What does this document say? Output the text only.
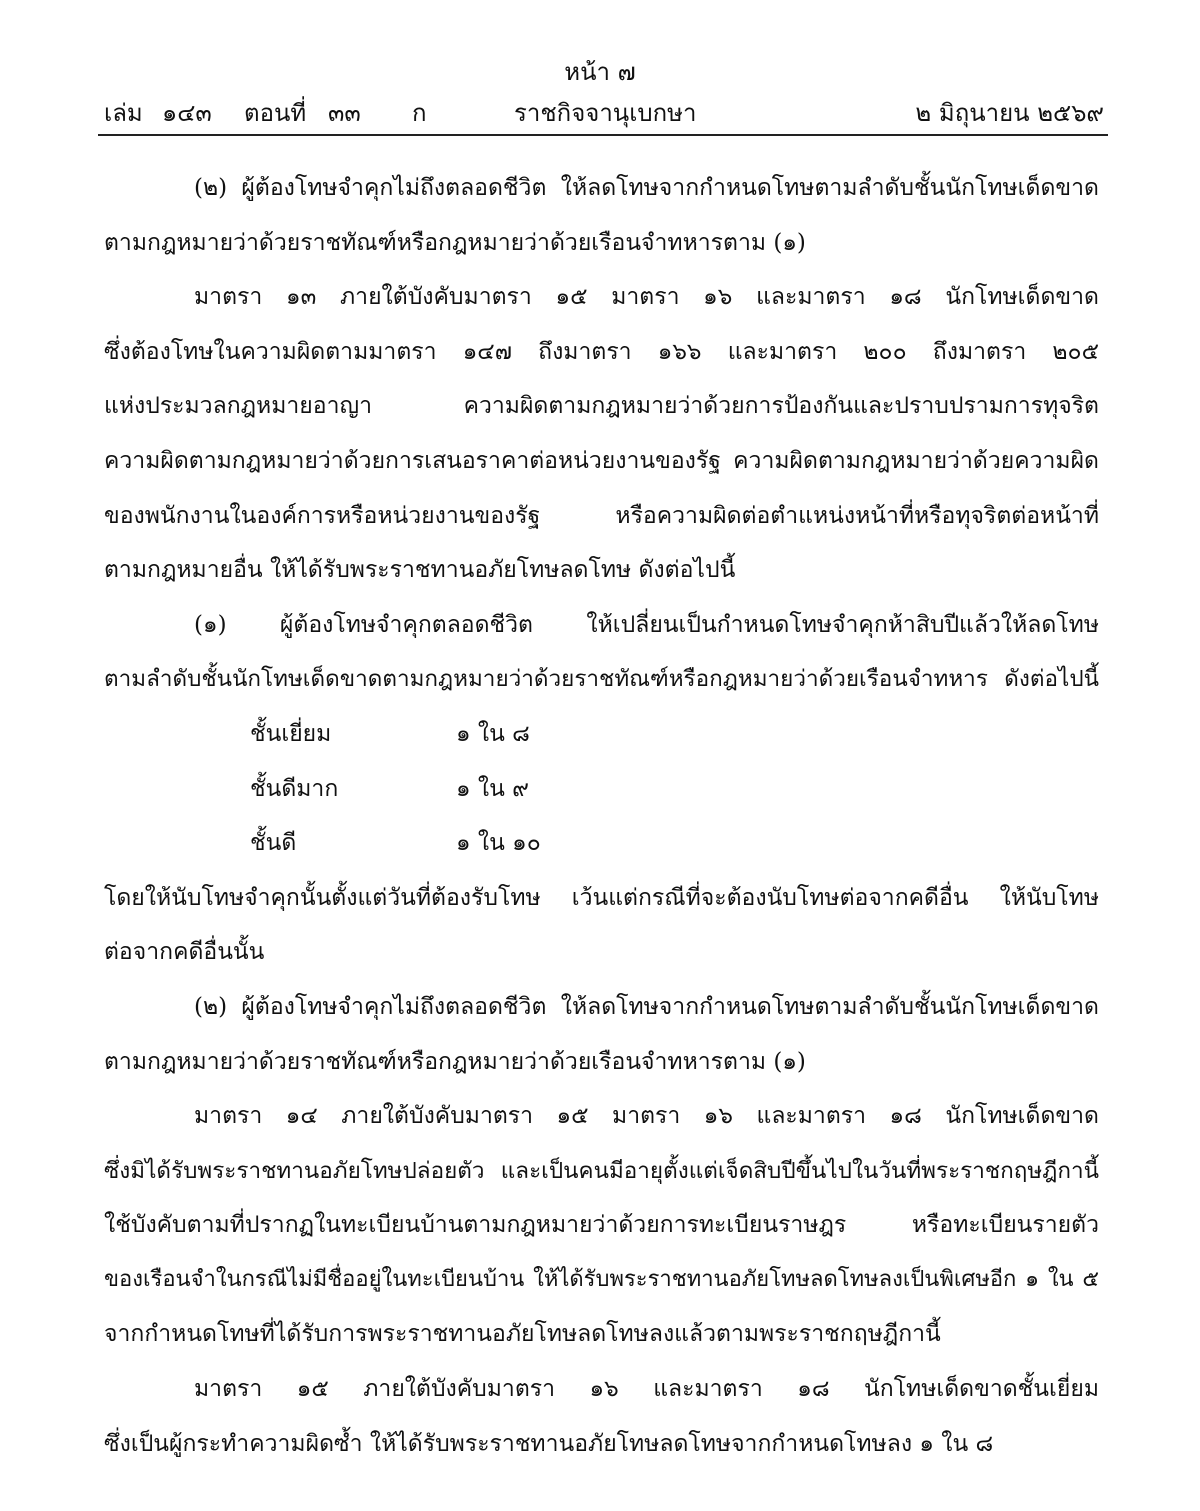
หน้า ๗
เล่ม ๑๔๓ ตอนที่ ๓๓ ก	ราชกิจจานุเบกษา	๒ มิถุนายน ๒๕๖๙
(๒) ผู้ต้องโทษจำคุกไม่ถึงตลอดชีวิต ให้ลดโทษจากกำหนดโทษตามลำดับชั้นนักโทษเด็ดขาด
ตามกฎหมายว่าด้วยราชทัณฑ์หรือกฎหมายว่าด้วยเรือนจำทหารตาม (๑)
มาตรา ๑๓ ภายใต้บังคับมาตรา ๑๕ มาตรา ๑๖ และมาตรา ๑๘ นักโทษเด็ดขาด
ซึ่งต้องโทษในความผิดตามมาตรา ๑๔๗ ถึงมาตรา ๑๖๖ และมาตรา ๒๐๐ ถึงมาตรา ๒๐๕
แห่งประมวลกฎหมายอาญา ความผิดตามกฎหมายว่าด้วยการป้องกันและปราบปรามการทุจริต
ความผิดตามกฎหมายว่าด้วยการเสนอราคาต่อหน่วยงานของรัฐ ความผิดตามกฎหมายว่าด้วยความผิด
ของพนักงานในองค์การหรือหน่วยงานของรัฐ หรือความผิดต่อตำแหน่งหน้าที่หรือทุจริตต่อหน้าที่
ตามกฎหมายอื่น ให้ได้รับพระราชทานอภัยโทษลดโทษ ดังต่อไปนี้
(๑) ผู้ต้องโทษจำคุกตลอดชีวิต ให้เปลี่ยนเป็นกำหนดโทษจำคุกห้าสิบปีแล้วให้ลดโทษ
ตามลำดับชั้นนักโทษเด็ดขาดตามกฎหมายว่าด้วยราชทัณฑ์หรือกฎหมายว่าด้วยเรือนจำทหาร ดังต่อไปนี้
ชั้นเยี่ยม	๑ ใน ๘
ชั้นดีมาก	๑ ใน ๙
ชั้นดี	๑ ใน ๑๐
โดยให้นับโทษจำคุกนั้นตั้งแต่วันที่ต้องรับโทษ เว้นแต่กรณีที่จะต้องนับโทษต่อจากคดีอื่น ให้นับโทษ
ต่อจากคดีอื่นนั้น
(๒) ผู้ต้องโทษจำคุกไม่ถึงตลอดชีวิต ให้ลดโทษจากกำหนดโทษตามลำดับชั้นนักโทษเด็ดขาด
ตามกฎหมายว่าด้วยราชทัณฑ์หรือกฎหมายว่าด้วยเรือนจำทหารตาม (๑)
มาตรา ๑๔ ภายใต้บังคับมาตรา ๑๕ มาตรา ๑๖ และมาตรา ๑๘ นักโทษเด็ดขาด
ซึ่งมิได้รับพระราชทานอภัยโทษปล่อยตัว และเป็นคนมีอายุตั้งแต่เจ็ดสิบปีขึ้นไปในวันที่พระราชกฤษฎีกานี้
ใช้บังคับตามที่ปรากฏในทะเบียนบ้านตามกฎหมายว่าด้วยการทะเบียนราษฎร หรือทะเบียนรายตัว
ของเรือนจำในกรณีไม่มีชื่ออยู่ในทะเบียนบ้าน ให้ได้รับพระราชทานอภัยโทษลดโทษลงเป็นพิเศษอีก ๑ ใน ๕
จากกำหนดโทษที่ได้รับการพระราชทานอภัยโทษลดโทษลงแล้วตามพระราชกฤษฎีกานี้
มาตรา ๑๕ ภายใต้บังคับมาตรา ๑๖ และมาตรา ๑๘ นักโทษเด็ดขาดชั้นเยี่ยม
ซึ่งเป็นผู้กระทำความผิดซ้ำ ให้ได้รับพระราชทานอภัยโทษลดโทษจากกำหนดโทษลง ๑ ใน ๘
